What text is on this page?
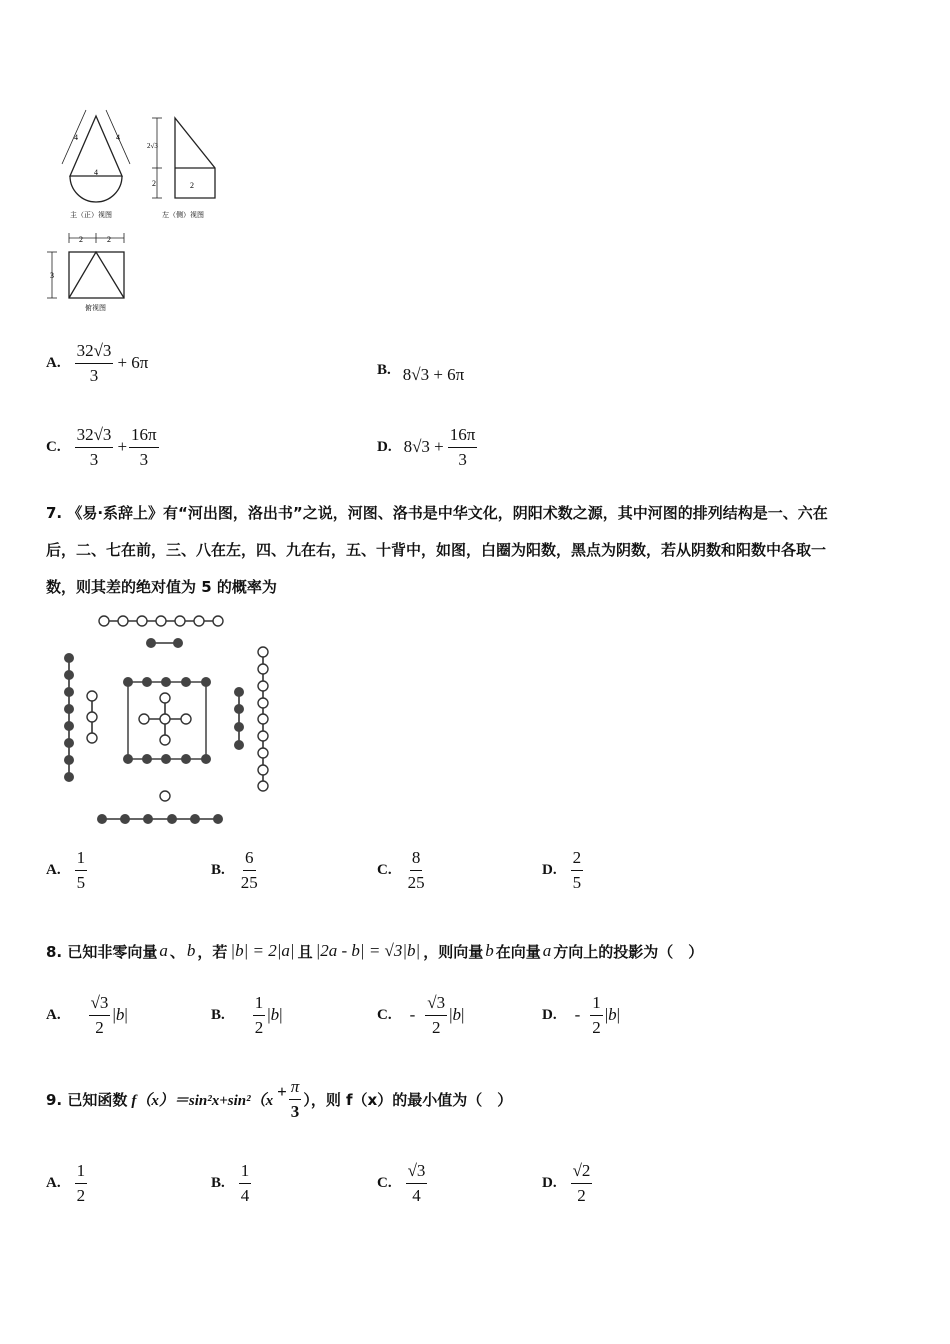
4	4
4
主（正）视图
2√3
2	2
左（侧）视图
2	2
3
俯视图
A. $\frac{32√3}{3} + 6\pi$	B. 8√3 + 6π
C. $\frac{32√3}{3} + \frac{16\pi}{3}$	D. $8√3 + \frac{16\pi}{3}$
7. 《易·系辞上》有“河出图，洛出书”之说，河图、洛书是中华文化，阴阳术数之源，其中河图的排列结构是一、六在
后，二、七在前，三、八在左，四、九在右，五、十背中，如图，白圈为阳数，黑点为阴数，若从阴数和阳数中各取一
数，则其差的绝对值为 5 的概率为
A. $\frac{1}{5}$	B. $\frac{6}{25}$	C. $\frac{8}{25}$	D. $\frac{2}{5}$
8. 已知非零向量 a 、 b ，若 |b| = 2|a| 且 |2a - b| = √3|b| ，则向量 b 在向量 a 方向上的投影为（　）
A. $\frac{√3}{2} |b|$	B. $\frac{1}{2} |b|$	C. - $\frac{√3}{2} |b|$	D. - $\frac{1}{2} |b|$
9. 已知函数 $f(x)=\sin^2x+\sin^2(x + \frac{\pi}{3}$ ），则 f（x）的最小值为（　）
A. $\frac{1}{2}$	B. $\frac{1}{4}$	C. $\frac{√3}{4}$	D. $\frac{√2}{2}$
